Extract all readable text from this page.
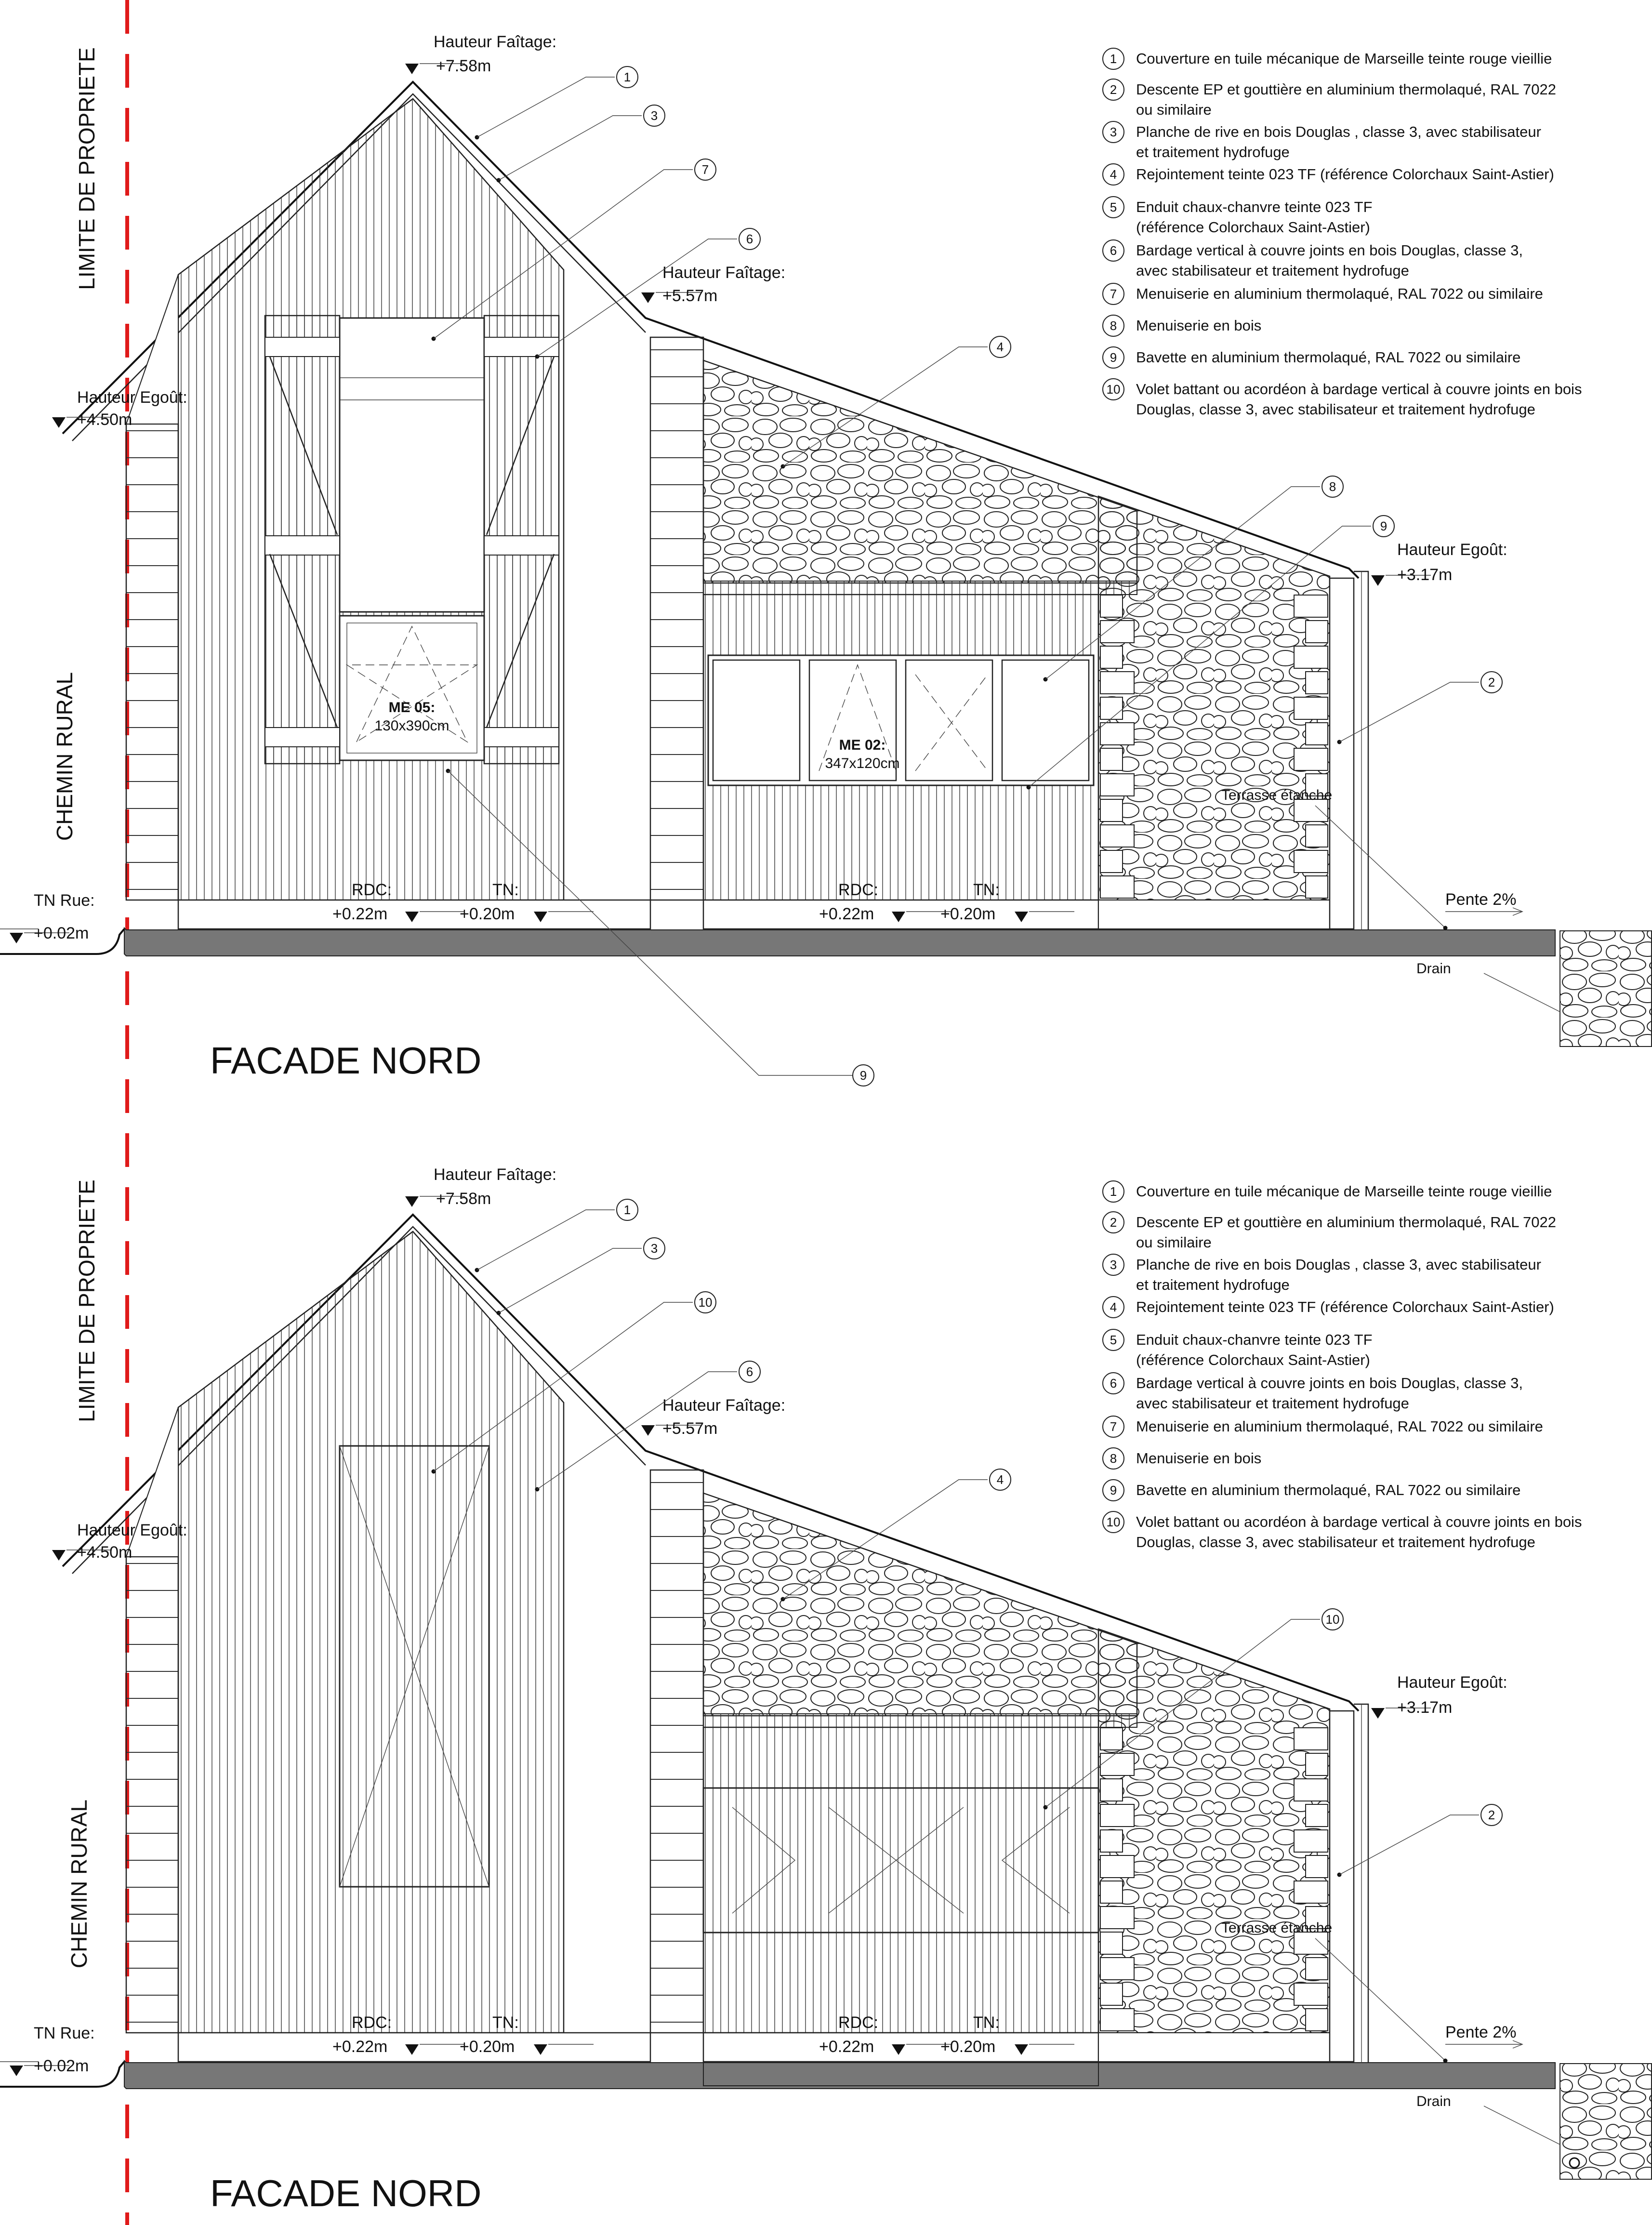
LIMITE DE PROPRIETE
CHEMIN RURAL
LIMITE DE PROPRIETE
CHEMIN RURAL
Drain
ME 05:
130x390cm
ME 02:
347x120cm
Hauteur Faîtage:
+7.58m
Hauteur Faîtage:
+5.57m
Hauteur Egoût:
+4.50m
Hauteur Egoût:
+3.17m
TN Rue:
+0.02m
RDC:
+0.22m
TN:
+0.20m
RDC:
+0.22m
TN:
+0.20m
Terrasse étanche
Pente 2%
1 Couverture en tuile mécanique de Marseille teinte rouge vieillie
2 Descente EP et gouttière en aluminium thermolaqué, RAL 7022
ou similaire
3 Planche de rive en bois Douglas , classe 3, avec stabilisateur
et traitement hydrofuge
4 Rejointement teinte 023 TF (référence Colorchaux Saint-Astier)
5 Enduit chaux-chanvre teinte 023 TF
(référence Colorchaux Saint-Astier)
6 Bardage vertical à couvre joints en bois Douglas, classe 3,
avec stabilisateur et traitement hydrofuge
7 Menuiserie en aluminium thermolaqué, RAL 7022 ou similaire
8 Menuiserie en bois
9 Bavette en aluminium thermolaqué, RAL 7022 ou similaire
10 Volet battant ou acordéon à bardage vertical à couvre joints en bois
Douglas, classe 3, avec stabilisateur et traitement hydrofuge
FACADE NORD
1
3
7
6
4
8
9
2
9
Drain
Hauteur Faîtage:
+7.58m
Hauteur Faîtage:
+5.57m
Hauteur Egoût:
+4.50m
Hauteur Egoût:
+3.17m
TN Rue:
+0.02m
RDC:
+0.22m
TN:
+0.20m
RDC:
+0.22m
TN:
+0.20m
Terrasse étanche
Pente 2%
1 Couverture en tuile mécanique de Marseille teinte rouge vieillie
2 Descente EP et gouttière en aluminium thermolaqué, RAL 7022
ou similaire
3 Planche de rive en bois Douglas , classe 3, avec stabilisateur
et traitement hydrofuge
4 Rejointement teinte 023 TF (référence Colorchaux Saint-Astier)
5 Enduit chaux-chanvre teinte 023 TF
(référence Colorchaux Saint-Astier)
6 Bardage vertical à couvre joints en bois Douglas, classe 3,
avec stabilisateur et traitement hydrofuge
7 Menuiserie en aluminium thermolaqué, RAL 7022 ou similaire
8 Menuiserie en bois
9 Bavette en aluminium thermolaqué, RAL 7022 ou similaire
10 Volet battant ou acordéon à bardage vertical à couvre joints en bois
Douglas, classe 3, avec stabilisateur et traitement hydrofuge
FACADE NORD
1
3
10
6
4
10
2
